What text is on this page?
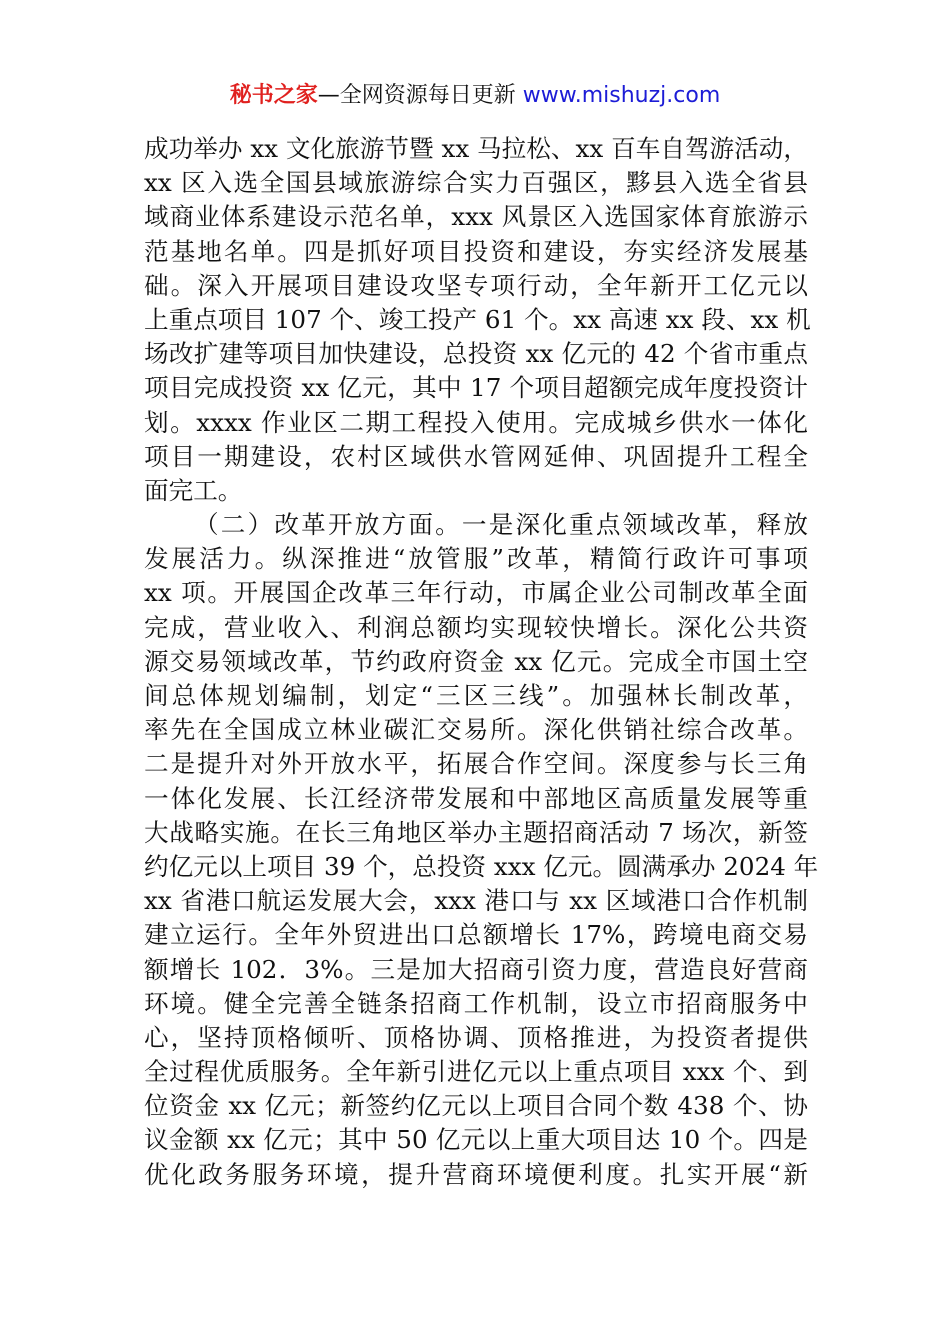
秘书之家—全网资源每日更新 www.mishuzj.com
成功举办 xx 文化旅游节暨 xx 马拉松、xx 百车自驾游活动，
xx 区入选全国县域旅游综合实力百强区，黟县入选全省县
域商业体系建设示范名单，xxx 风景区入选国家体育旅游示
范基地名单。四是抓好项目投资和建设，夯实经济发展基
础。深入开展项目建设攻坚专项行动，全年新开工亿元以
上重点项目 107 个、竣工投产 61 个。xx 高速 xx 段、xx 机
场改扩建等项目加快建设，总投资 xx 亿元的 42 个省市重点
项目完成投资 xx 亿元，其中 17 个项目超额完成年度投资计
划。xxxx 作业区二期工程投入使用。完成城乡供水一体化
项目一期建设，农村区域供水管网延伸、巩固提升工程全
面完工。
（二）改革开放方面。一是深化重点领域改革，释放
发展活力。纵深推进“放管服”改革，精简行政许可事项
xx 项。开展国企改革三年行动，市属企业公司制改革全面
完成，营业收入、利润总额均实现较快增长。深化公共资
源交易领域改革，节约政府资金 xx 亿元。完成全市国土空
间总体规划编制，划定“三区三线”。加强林长制改革，
率先在全国成立林业碳汇交易所。深化供销社综合改革。
二是提升对外开放水平，拓展合作空间。深度参与长三角
一体化发展、长江经济带发展和中部地区高质量发展等重
大战略实施。在长三角地区举办主题招商活动 7 场次，新签
约亿元以上项目 39 个，总投资 xxx 亿元。圆满承办 2024 年
xx 省港口航运发展大会，xxx 港口与 xx 区域港口合作机制
建立运行。全年外贸进出口总额增长 17%，跨境电商交易
额增长 102．3%。三是加大招商引资力度，营造良好营商
环境。健全完善全链条招商工作机制，设立市招商服务中
心，坚持顶格倾听、顶格协调、顶格推进，为投资者提供
全过程优质服务。全年新引进亿元以上重点项目 xxx 个、到
位资金 xx 亿元；新签约亿元以上项目合同个数 438 个、协
议金额 xx 亿元；其中 50 亿元以上重大项目达 10 个。四是
优化政务服务环境，提升营商环境便利度。扎实开展“新
